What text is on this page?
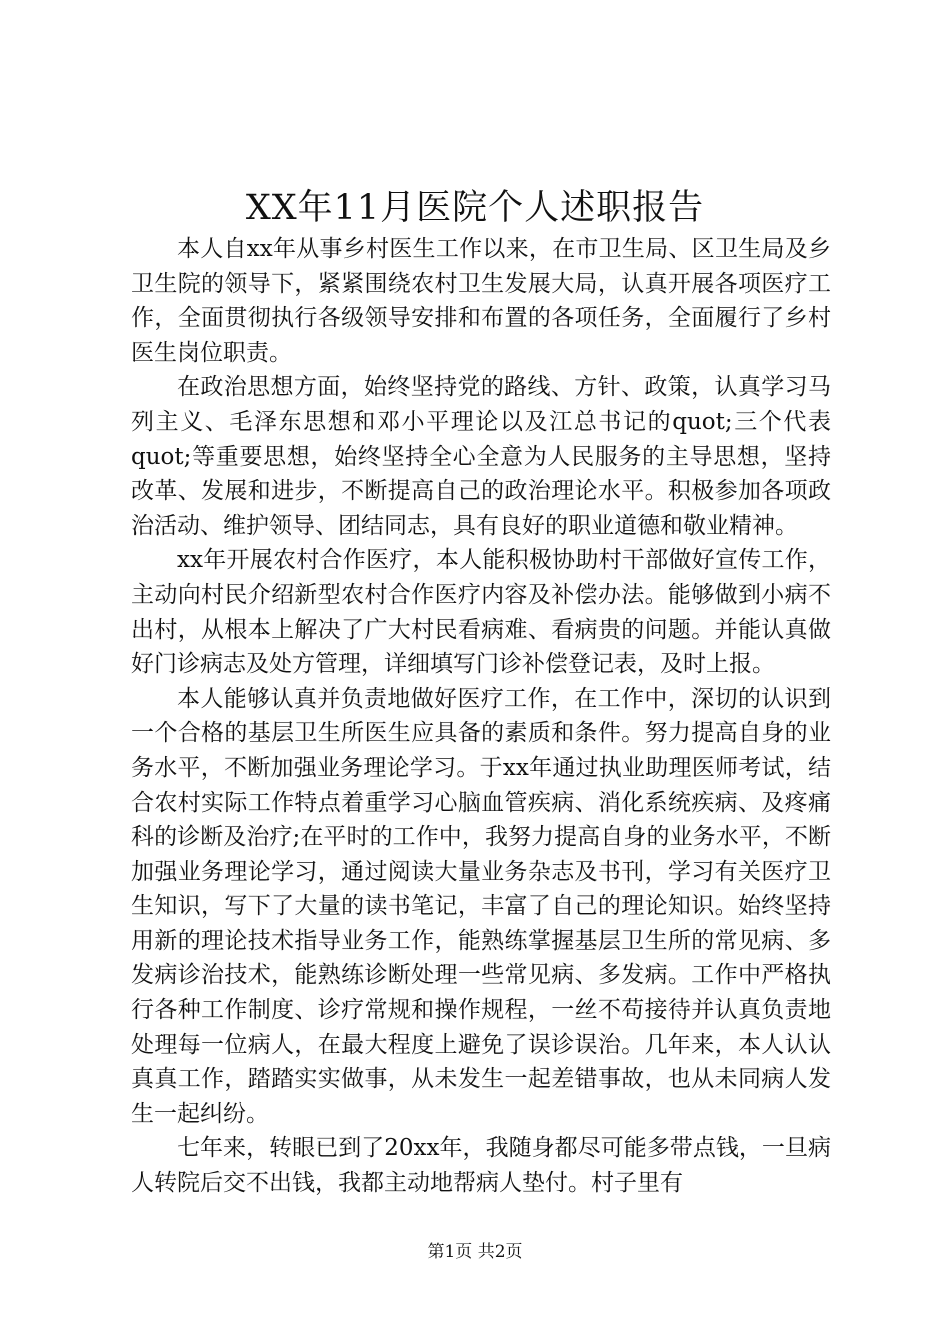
XX年11月医院个人述职报告

本人自xx年从事乡村医生工作以来，在市卫生局、区卫生局及乡卫生院的领导下，紧紧围绕农村卫生发展大局，认真开展各项医疗工作，全面贯彻执行各级领导安排和布置的各项任务，全面履行了乡村医生岗位职责。

在政治思想方面，始终坚持党的路线、方针、政策，认真学习马列主义、毛泽东思想和邓小平理论以及江总书记的quot;三个代表quot;等重要思想，始终坚持全心全意为人民服务的主导思想，坚持改革、发展和进步，不断提高自己的政治理论水平。积极参加各项政治活动、维护领导、团结同志，具有良好的职业道德和敬业精神。

xx年开展农村合作医疗，本人能积极协助村干部做好宣传工作，主动向村民介绍新型农村合作医疗内容及补偿办法。能够做到小病不出村，从根本上解决了广大村民看病难、看病贵的问题。并能认真做好门诊病志及处方管理，详细填写门诊补偿登记表，及时上报。

本人能够认真并负责地做好医疗工作，在工作中，深切的认识到一个合格的基层卫生所医生应具备的素质和条件。努力提高自身的业务水平，不断加强业务理论学习。于xx年通过执业助理医师考试，结合农村实际工作特点着重学习心脑血管疾病、消化系统疾病、及疼痛科的诊断及治疗;在平时的工作中，我努力提高自身的业务水平，不断加强业务理论学习，通过阅读大量业务杂志及书刊，学习有关医疗卫生知识，写下了大量的读书笔记，丰富了自己的理论知识。始终坚持用新的理论技术指导业务工作，能熟练掌握基层卫生所的常见病、多发病诊治技术，能熟练诊断处理一些常见病、多发病。工作中严格执行各种工作制度、诊疗常规和操作规程，一丝不苟接待并认真负责地处理每一位病人，在最大程度上避免了误诊误治。几年来，本人认认真真工作，踏踏实实做事，从未发生一起差错事故，也从未同病人发生一起纠纷。

七年来，转眼已到了20xx年，我随身都尽可能多带点钱，一旦病人转院后交不出钱，我都主动地帮病人垫付。村子里有

第1页 共2页
